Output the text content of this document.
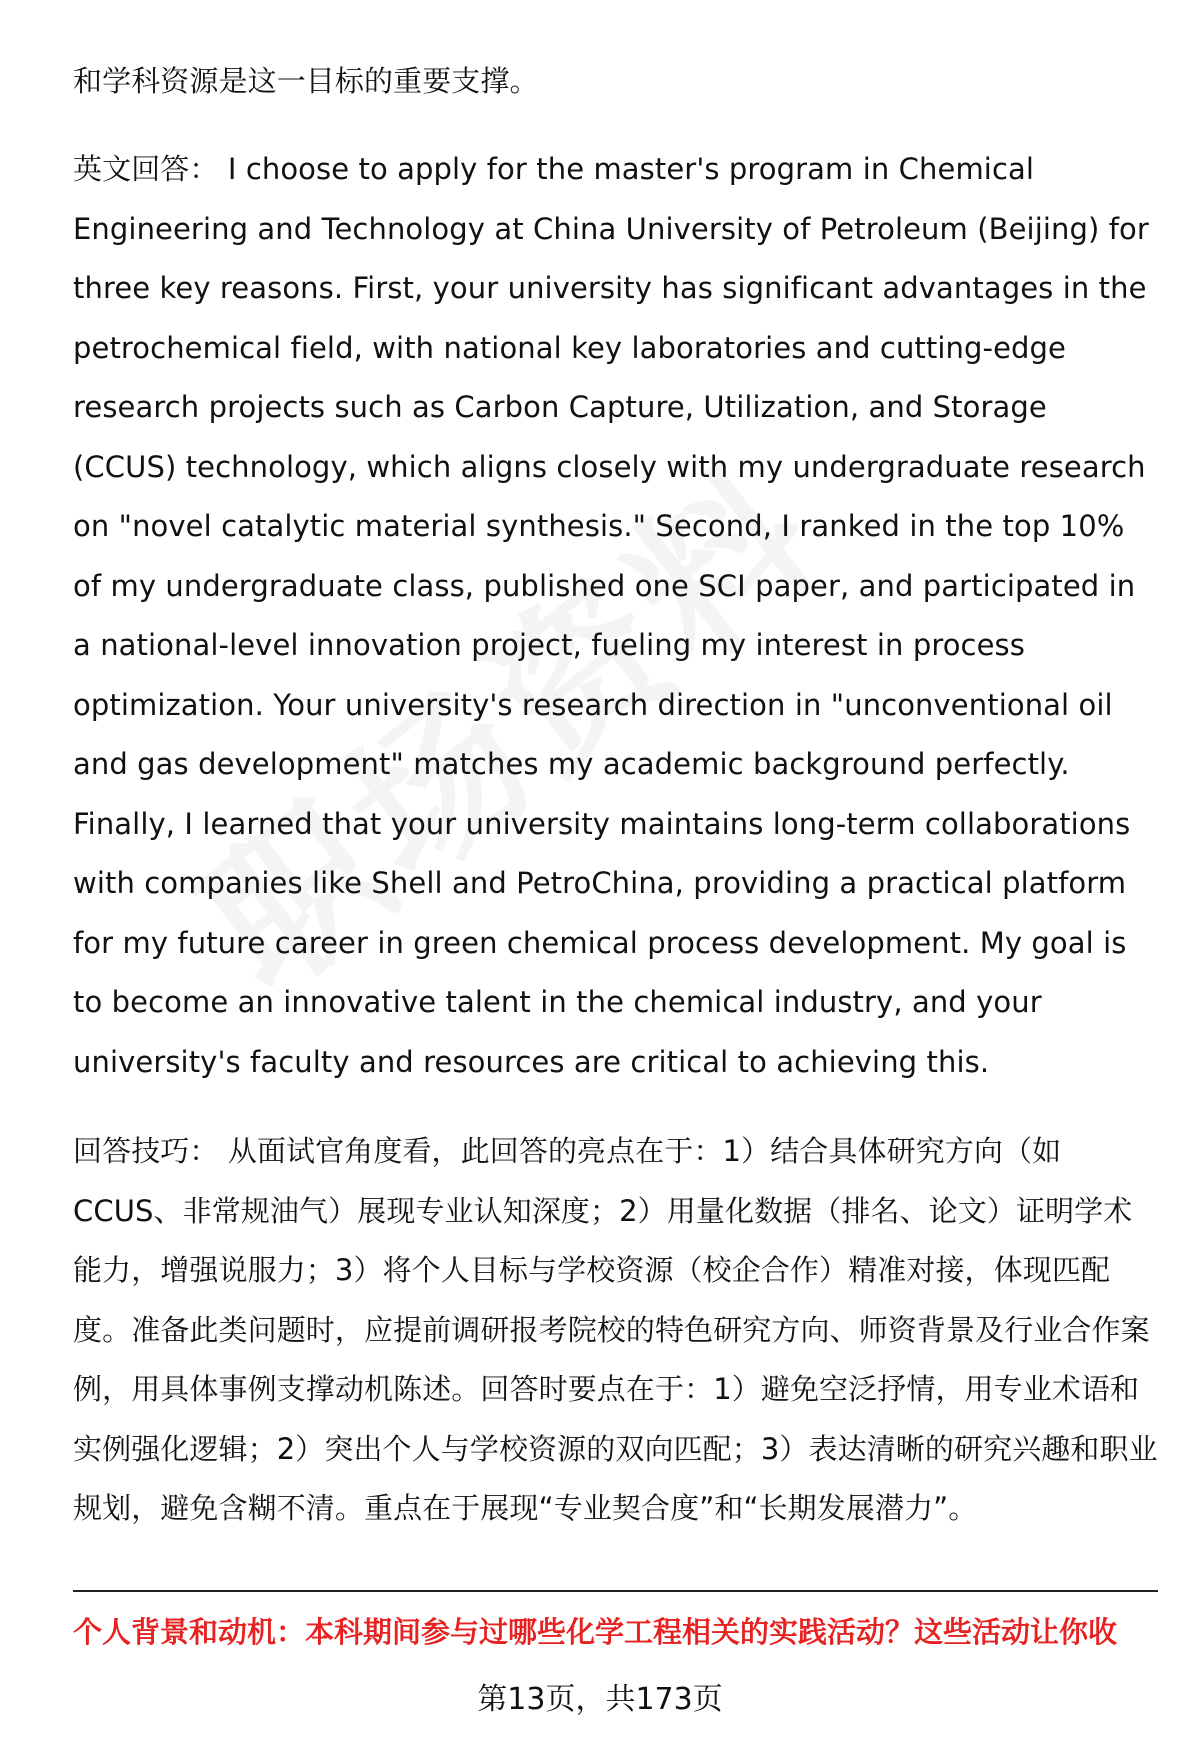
和学科资源是这一目标的重要支撑。

英文回答： I choose to apply for the master's program in Chemical Engineering and Technology at China University of Petroleum (Beijing) for three key reasons. First, your university has significant advantages in the petrochemical field, with national key laboratories and cutting-edge research projects such as Carbon Capture, Utilization, and Storage (CCUS) technology, which aligns closely with my undergraduate research on "novel catalytic material synthesis." Second, I ranked in the top 10% of my undergraduate class, published one SCI paper, and participated in a national-level innovation project, fueling my interest in process optimization. Your university's research direction in "unconventional oil and gas development" matches my academic background perfectly. Finally, I learned that your university maintains long-term collaborations with companies like Shell and PetroChina, providing a practical platform for my future career in green chemical process development. My goal is to become an innovative talent in the chemical industry, and your university's faculty and resources are critical to achieving this.

回答技巧： 从面试官角度看，此回答的亮点在于：1）结合具体研究方向（如CCUS、非常规油气）展现专业认知深度；2）用量化数据（排名、论文）证明学术能力，增强说服力；3）将个人目标与学校资源（校企合作）精准对接，体现匹配度。准备此类问题时，应提前调研报考院校的特色研究方向、师资背景及行业合作案例，用具体事例支撑动机陈述。回答时要点在于：1）避免空泛抒情，用专业术语和实例强化逻辑；2）突出个人与学校资源的双向匹配；3）表达清晰的研究兴趣和职业规划，避免含糊不清。重点在于展现“专业契合度”和“长期发展潜力”。

个人背景和动机：本科期间参与过哪些化学工程相关的实践活动？这些活动让你收

第13页，共173页
